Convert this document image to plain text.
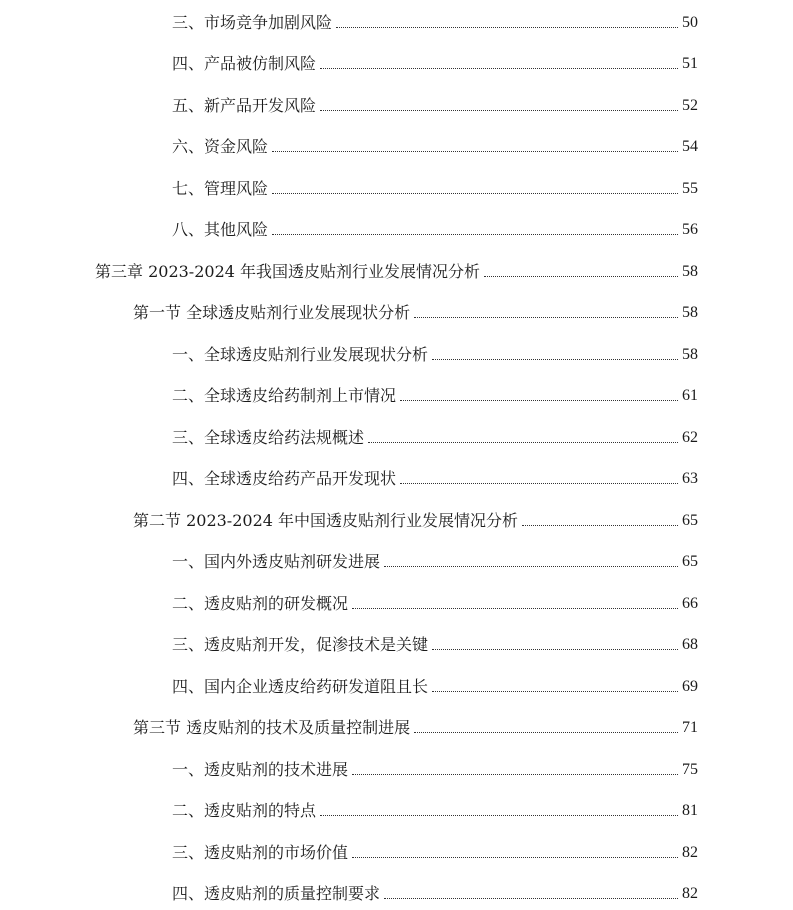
三、市场竞争加剧风险	50
四、产品被仿制风险	51
五、新产品开发风险	52
六、资金风险	54
七、管理风险	55
八、其他风险	56
第三章 2023-2024 年我国透皮贴剂行业发展情况分析	58
第一节 全球透皮贴剂行业发展现状分析	58
一、全球透皮贴剂行业发展现状分析	58
二、全球透皮给药制剂上市情况	61
三、全球透皮给药法规概述	62
四、全球透皮给药产品开发现状	63
第二节 2023-2024 年中国透皮贴剂行业发展情况分析	65
一、国内外透皮贴剂研发进展	65
二、透皮贴剂的研发概况	66
三、透皮贴剂开发，促渗技术是关键	68
四、国内企业透皮给药研发道阻且长	69
第三节 透皮贴剂的技术及质量控制进展	71
一、透皮贴剂的技术进展	75
二、透皮贴剂的特点	81
三、透皮贴剂的市场价值	82
四、透皮贴剂的质量控制要求	82
